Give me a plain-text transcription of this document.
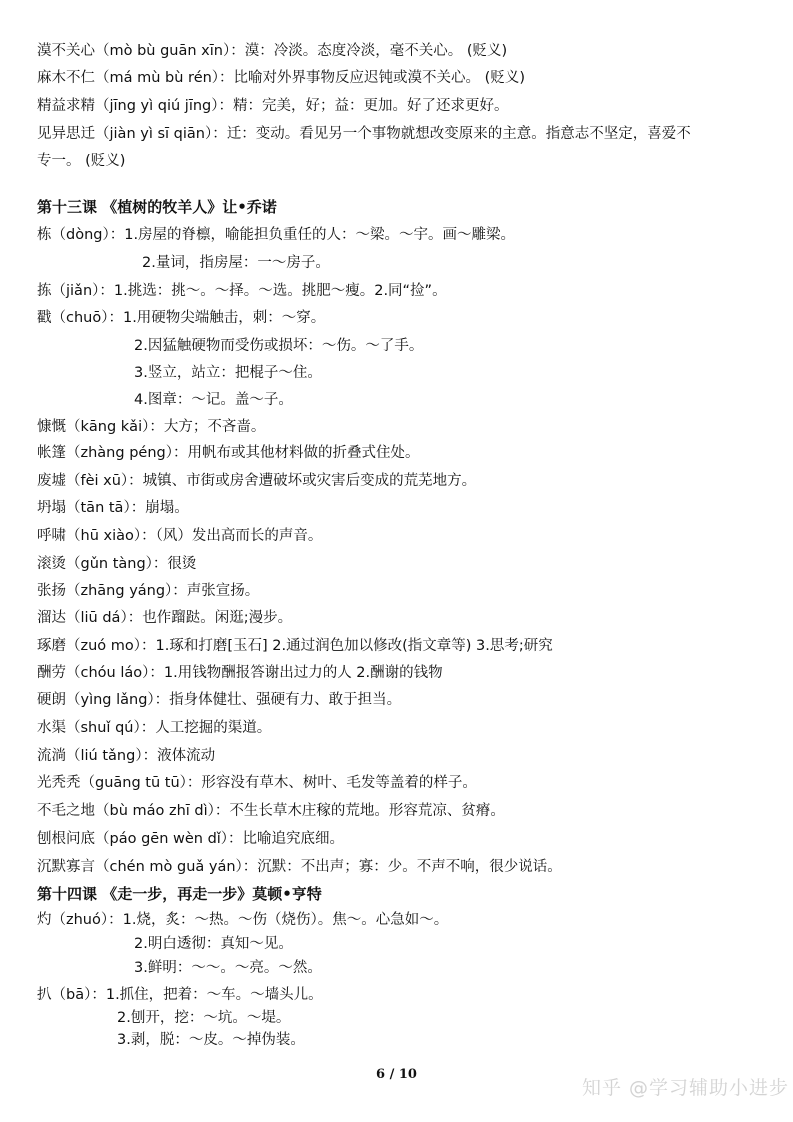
漠不关心（mò bù guān xīn）：漠：冷淡。态度冷淡，毫不关心。 (贬义)
麻木不仁（má mù bù rén）：比喻对外界事物反应迟钝或漠不关心。 (贬义)
精益求精（jīng yì qiú jīng）：精：完美，好；益：更加。好了还求更好。
见异思迁（jiàn yì sī qiān）：迁：变动。看见另一个事物就想改变原来的主意。指意志不坚定，喜爱不
专一。 (贬义)
第十三课 《植树的牧羊人》让•乔诺
栋（dòng）：1.房屋的脊檩，喻能担负重任的人：～梁。～宇。画～雕梁。
2.量词，指房屋：一～房子。
拣（jiǎn）：1.挑选：挑～。～择。～选。挑肥～瘦。2.同“捡”。
戳（chuō）：1.用硬物尖端触击，刺：～穿。
2.因猛触硬物而受伤或损坏：～伤。～了手。
3.竖立，站立：把棍子～住。
4.图章：～记。盖～子。
慷慨（kāng kǎi）：大方；不吝啬。
帐篷（zhàng péng）：用帆布或其他材料做的折叠式住处。
废墟（fèi xū）：城镇、市街或房舍遭破坏或灾害后变成的荒芜地方。
坍塌（tān tā）：崩塌。
呼啸（hū xiào）：（风）发出高而长的声音。
滚烫（gǔn tàng）：很烫
张扬（zhāng yáng）：声张宣扬。
溜达（liū dá）：也作蹓跶。闲逛;漫步。
琢磨（zuó mo）：1.琢和打磨[玉石] 2.通过润色加以修改(指文章等) 3.思考;研究
酬劳（chóu láo）：1.用钱物酬报答谢出过力的人 2.酬谢的钱物
硬朗（yìng lǎng）：指身体健壮、强硬有力、敢于担当。
水渠（shuǐ qú）：人工挖掘的渠道。
流淌（liú tǎng）：液体流动
光秃秃（guāng tū tū）：形容没有草木、树叶、毛发等盖着的样子。
不毛之地（bù máo zhī dì）：不生长草木庄稼的荒地。形容荒凉、贫瘠。
刨根问底（páo gēn wèn dǐ）：比喻追究底细。
沉默寡言（chén mò guǎ yán）：沉默：不出声；寡：少。不声不响，很少说话。
第十四课 《走一步，再走一步》莫顿•亨特
灼（zhuó）：1.烧，炙：～热。～伤（烧伤）。焦～。心急如～。
2.明白透彻：真知～见。
3.鲜明：～～。～亮。～然。
扒（bā）：1.抓住，把着：～车。～墙头儿。
2.刨开，挖：～坑。～堤。
3.剥，脱：～皮。～掉伪装。
6 / 10
知乎 @学习辅助小进步
